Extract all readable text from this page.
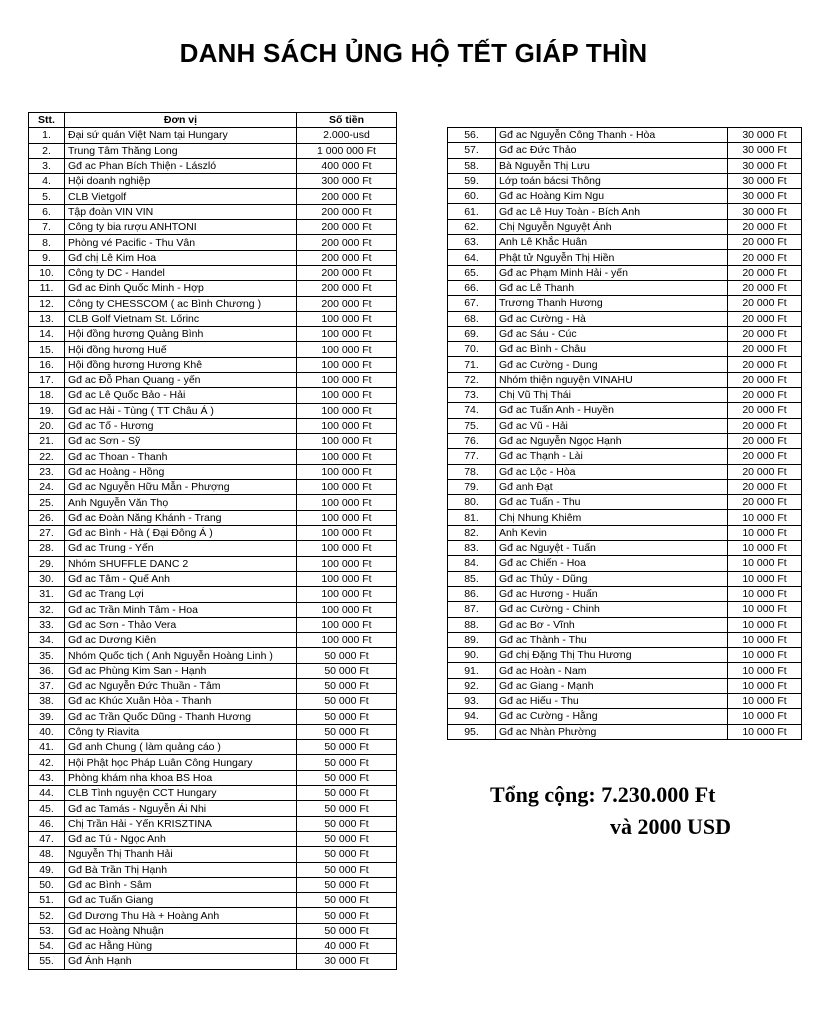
DANH SÁCH ỦNG HỘ TẾT GIÁP THÌN
Stt.	Đơn vị	Số tiền
1.	Đại sứ quán Việt Nam tại Hungary	2.000-usd
2.	Trung Tâm Thăng Long	1 000 000 Ft
3.	Gđ ac Phan Bích Thiện - László	400 000 Ft
4.	Hội doanh nghiệp	300 000 Ft
5.	CLB Vietgolf	200 000 Ft
6.	Tập đoàn VIN VIN	200 000 Ft
7.	Công ty bia rượu ANHTONI	200 000 Ft
8.	Phòng vé Pacific - Thu Vân	200 000 Ft
9.	Gđ chị Lê Kim Hoa	200 000 Ft
10.	Công ty DC - Handel	200 000 Ft
11.	Gđ ac Đinh Quốc Minh - Hợp	200 000 Ft
12.	Công ty CHESSCOM ( ac Bình Chương )	200 000 Ft
13.	CLB Golf Vietnam St. Lőrinc	100 000 Ft
14.	Hội đồng hương Quảng Bình	100 000 Ft
15.	Hội đồng hương Huế	100 000 Ft
16.	Hội đồng hương Hương Khê	100 000 Ft
17.	Gđ ac Đỗ Phan Quang - yến	100 000 Ft
18.	Gđ ac Lê Quốc Bảo - Hải	100 000 Ft
19.	Gđ ac Hải - Tùng ( TT Châu Á )	100 000 Ft
20.	Gđ ac Tố - Hương	100 000 Ft
21.	Gđ ac Sơn - Sỹ	100 000 Ft
22.	Gđ ac Thoan - Thanh	100 000 Ft
23.	Gđ ac Hoàng - Hồng	100 000 Ft
24.	Gđ ac Nguyễn Hữu Mẫn - Phượng	100 000 Ft
25.	Anh Nguyễn Văn Thọ	100 000 Ft
26.	Gđ ac Đoàn Năng Khánh - Trang	100 000 Ft
27.	Gđ ac Bình - Hà ( Đại Đông Á )	100 000 Ft
28.	Gđ ac Trung - Yến	100 000 Ft
29.	Nhóm SHUFFLE DANC 2	100 000 Ft
30.	Gđ ac Tâm - Quế Anh	100 000 Ft
31.	Gđ ac Trang Lợi	100 000 Ft
32.	Gđ ac Trần Minh Tâm - Hoa	100 000 Ft
33.	Gđ ac Sơn - Thảo Vera	100 000 Ft
34.	Gđ ac Dương Kiên	100 000 Ft
35.	Nhóm Quốc tịch ( Anh Nguyễn Hoàng Linh )	50 000 Ft
36.	Gđ ac Phùng Kim San - Hạnh	50 000 Ft
37.	Gđ ac Nguyễn Đức Thuần - Tâm	50 000 Ft
38.	Gđ ac Khúc Xuân Hòa - Thanh	50 000 Ft
39.	Gđ ac Trần Quốc Dũng - Thanh Hương	50 000 Ft
40.	Công ty Riavita	50 000 Ft
41.	Gđ anh Chung ( làm quảng cáo )	50 000 Ft
42.	Hội Phật học Pháp Luân Công Hungary	50 000 Ft
43.	Phòng khám nha khoa BS Hoa	50 000 Ft
44.	CLB Tình nguyện CCT Hungary	50 000 Ft
45.	Gđ ac Tamás - Nguyễn Ái Nhi	50 000 Ft
46.	Chị Trần Hải - Yến KRISZTINA	50 000 Ft
47.	Gđ ac Tú - Ngọc Anh	50 000 Ft
48.	Nguyễn Thị Thanh Hải	50 000 Ft
49.	Gđ Bà Trần Thị Hạnh	50 000 Ft
50.	Gđ ac Bình - Sâm	50 000 Ft
51.	Gđ ac Tuấn Giang	50 000 Ft
52.	Gđ Dương Thu Hà + Hoàng Anh	50 000 Ft
53.	Gđ ac Hoàng Nhuận	50 000 Ft
54.	Gđ ac Hằng Hùng	40 000 Ft
55.	Gđ Ánh Hạnh	30 000 Ft
56.	Gđ ac Nguyễn Công Thanh - Hòa	30 000 Ft
57.	Gđ ac Đức Thảo	30 000 Ft
58.	Bà Nguyễn Thị Lưu	30 000 Ft
59.	Lớp toán bácsi Thông	30 000 Ft
60.	Gđ ac Hoàng Kim Ngu	30 000 Ft
61.	Gđ ac Lê Huy Toàn - Bích Anh	30 000 Ft
62.	Chị Nguyễn Nguyệt Ánh	20 000 Ft
63.	Anh Lê Khắc Huân	20 000 Ft
64.	Phật tử Nguyễn Thị Hiền	20 000 Ft
65.	Gđ ac Phạm Minh Hải - yến	20 000 Ft
66.	Gđ ac Lê Thanh	20 000 Ft
67.	Trương Thanh Hương	20 000 Ft
68.	Gđ ac Cường - Hà	20 000 Ft
69.	Gđ ac Sáu - Cúc	20 000 Ft
70.	Gđ ac Bình - Châu	20 000 Ft
71.	Gđ ac Cường - Dung	20 000 Ft
72.	Nhóm thiện nguyện VINAHU	20 000 Ft
73.	Chị Vũ Thị Thái	20 000 Ft
74.	Gđ ac Tuấn Anh - Huyền	20 000 Ft
75.	Gđ ac Vũ - Hải	20 000 Ft
76.	Gđ ac Nguyễn Ngọc Hạnh	20 000 Ft
77.	Gđ ac Thạnh - Lài	20 000 Ft
78.	Gđ ac Lộc - Hòa	20 000 Ft
79.	Gđ anh Đạt	20 000 Ft
80.	Gđ ac Tuấn - Thu	20 000 Ft
81.	Chị Nhung Khiêm	10 000 Ft
82.	Anh Kevin	10 000 Ft
83.	Gđ ac Nguyệt - Tuấn	10 000 Ft
84.	Gđ ac Chiến - Hoa	10 000 Ft
85.	Gđ ac Thủy - Dũng	10 000 Ft
86.	Gđ ac Hương - Huấn	10 000 Ft
87.	Gđ ac Cường - Chinh	10 000 Ft
88.	Gđ ac Bơ - Vĩnh	10 000 Ft
89.	Gđ ac Thành - Thu	10 000 Ft
90.	Gđ chị Đặng Thị Thu Hương	10 000 Ft
91.	Gđ ac Hoàn - Nam	10 000 Ft
92.	Gđ ac Giang - Mạnh	10 000 Ft
93.	Gđ ac Hiếu - Thu	10 000 Ft
94.	Gđ ac Cường - Hằng	10 000 Ft
95.	Gđ ac Nhàn Phường	10 000 Ft
Tổng cộng: 7.230.000 Ft
và 2000 USD
